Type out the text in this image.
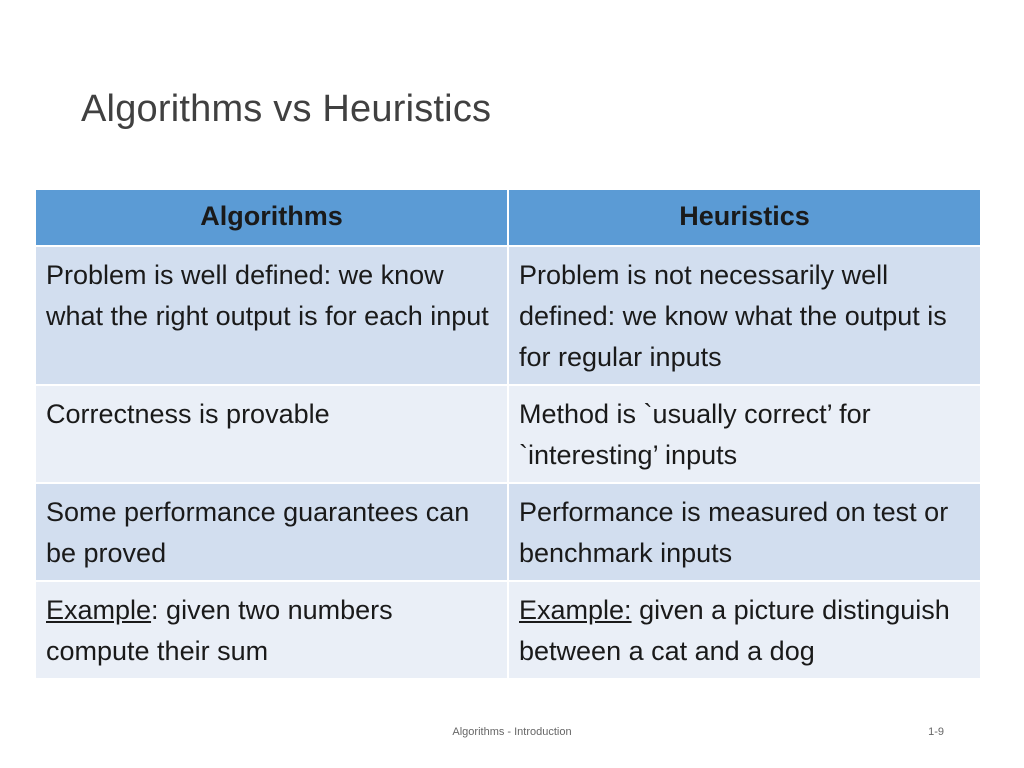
Algorithms vs Heuristics
Algorithms	Heuristics
Problem is well defined: we know what the right output is for each input	Problem is not necessarily well defined: we know what the output is for regular inputs
Correctness is provable	Method is `usually correct’ for `interesting’ inputs
Some performance guarantees can be proved	Performance is measured on test or benchmark inputs
Example: given two numbers compute their sum	Example: given a picture distinguish between a cat and a dog
Algorithms - Introduction	1-9
